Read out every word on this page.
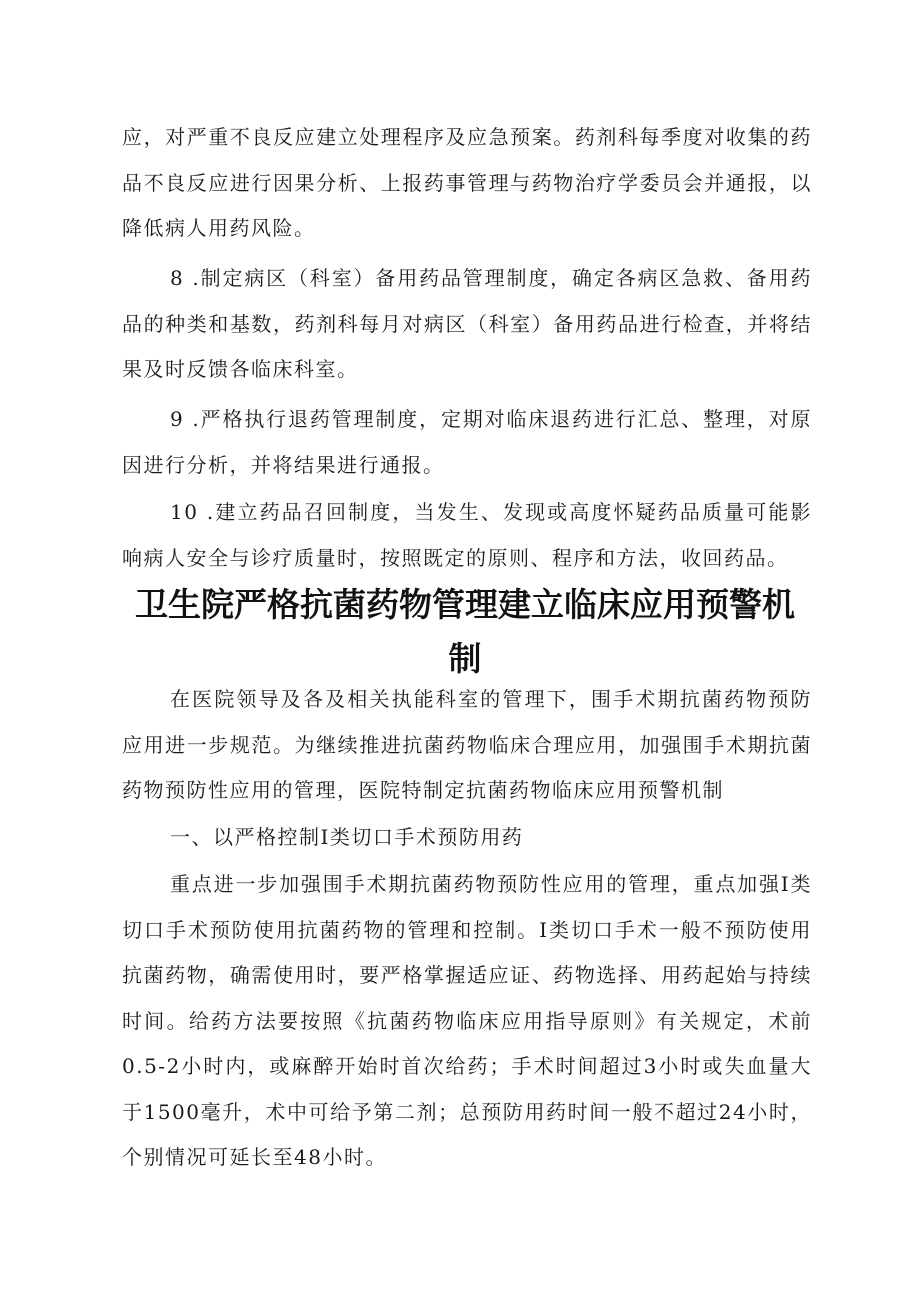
应，对严重不良反应建立处理程序及应急预案。药剂科每季度对收集的药品不良反应进行因果分析、上报药事管理与药物治疗学委员会并通报，以降低病人用药风险。

8 .制定病区（科室）备用药品管理制度，确定各病区急救、备用药品的种类和基数，药剂科每月对病区（科室）备用药品进行检查，并将结果及时反馈各临床科室。

9 .严格执行退药管理制度，定期对临床退药进行汇总、整理，对原因进行分析，并将结果进行通报。

10 .建立药品召回制度，当发生、发现或高度怀疑药品质量可能影响病人安全与诊疗质量时，按照既定的原则、程序和方法，收回药品。

卫生院严格抗菌药物管理建立临床应用预警机制

在医院领导及各及相关执能科室的管理下，围手术期抗菌药物预防应用进一步规范。为继续推进抗菌药物临床合理应用，加强围手术期抗菌药物预防性应用的管理，医院特制定抗菌药物临床应用预警机制

一、以严格控制I类切口手术预防用药

重点进一步加强围手术期抗菌药物预防性应用的管理，重点加强I类切口手术预防使用抗菌药物的管理和控制。I类切口手术一般不预防使用抗菌药物，确需使用时，要严格掌握适应证、药物选择、用药起始与持续时间。给药方法要按照《抗菌药物临床应用指导原则》有关规定，术前0.5-2小时内，或麻醉开始时首次给药；手术时间超过3小时或失血量大于1500毫升，术中可给予第二剂；总预防用药时间一般不超过24小时，个别情况可延长至48小时。
